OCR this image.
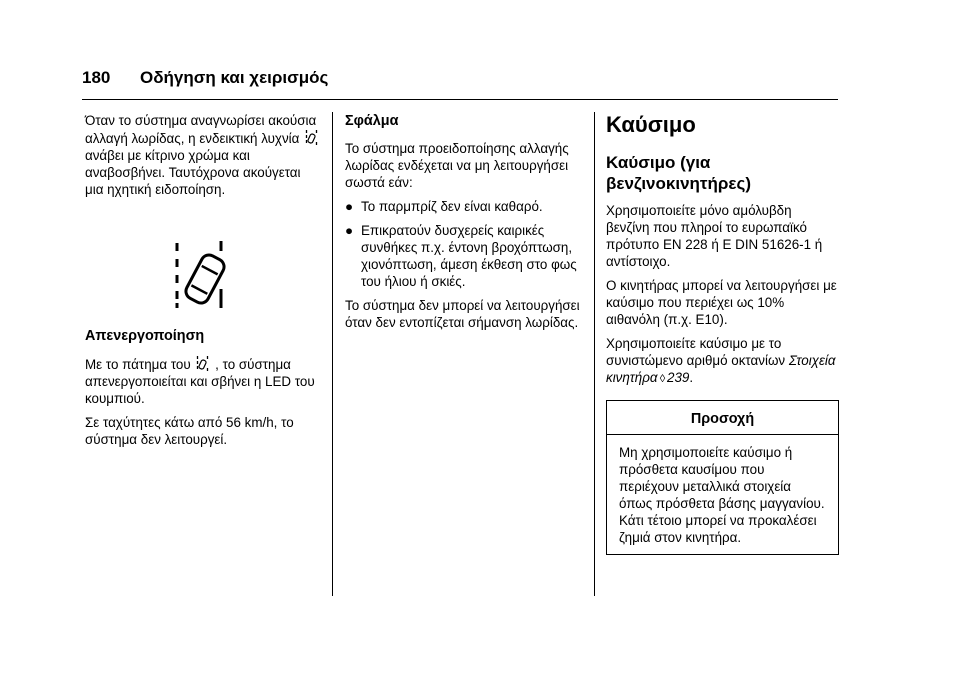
180 Οδήγηση και χειρισμός

Όταν το σύστημα αναγνωρίσει ακούσια αλλαγή λωρίδας, η ενδεικτική λυχνία  ανάβει με κίτρινο χρώμα και αναβοσβήνει. Ταυτόχρονα ακούγεται μια ηχητική ειδοποίηση.

Απενεργοποίηση

Με το πάτημα του , το σύστημα απενεργοποιείται και σβήνει η LED του κουμπιού.

Σε ταχύτητες κάτω από 56 km/h, το σύστημα δεν λειτουργεί.

Σφάλμα

Το σύστημα προειδοποίησης αλλαγής λωρίδας ενδέχεται να μη λειτουργήσει σωστά εάν:

● Το παρμπρίζ δεν είναι καθαρό.
● Επικρατούν δυσχερείς καιρικές συνθήκες π.χ. έντονη βροχόπτωση, χιονόπτωση, άμεση έκθεση στο φως του ήλιου ή σκιές.

Το σύστημα δεν μπορεί να λειτουργήσει όταν δεν εντοπίζεται σήμανση λωρίδας.

Καύσιμο
Καύσιμο (για βενζινοκινητήρες)

Χρησιμοποιείτε μόνο αμόλυβδη βενζίνη που πληροί το ευρωπαϊκό πρότυπο EN 228 ή E DIN 51626-1 ή αντίστοιχο.

Ο κινητήρας μπορεί να λειτουργήσει με καύσιμο που περιέχει ως 10% αιθανόλη (π.χ. E10).

Χρησιμοποιείτε καύσιμο με το συνιστώμενο αριθμό οκτανίων Στοιχεία κινητήρα ◊ 239.

Προσοχή

Μη χρησιμοποιείτε καύσιμο ή πρόσθετα καυσίμου που περιέχουν μεταλλικά στοιχεία όπως πρόσθετα βάσης μαγγανίου. Κάτι τέτοιο μπορεί να προκαλέσει ζημιά στον κινητήρα.
